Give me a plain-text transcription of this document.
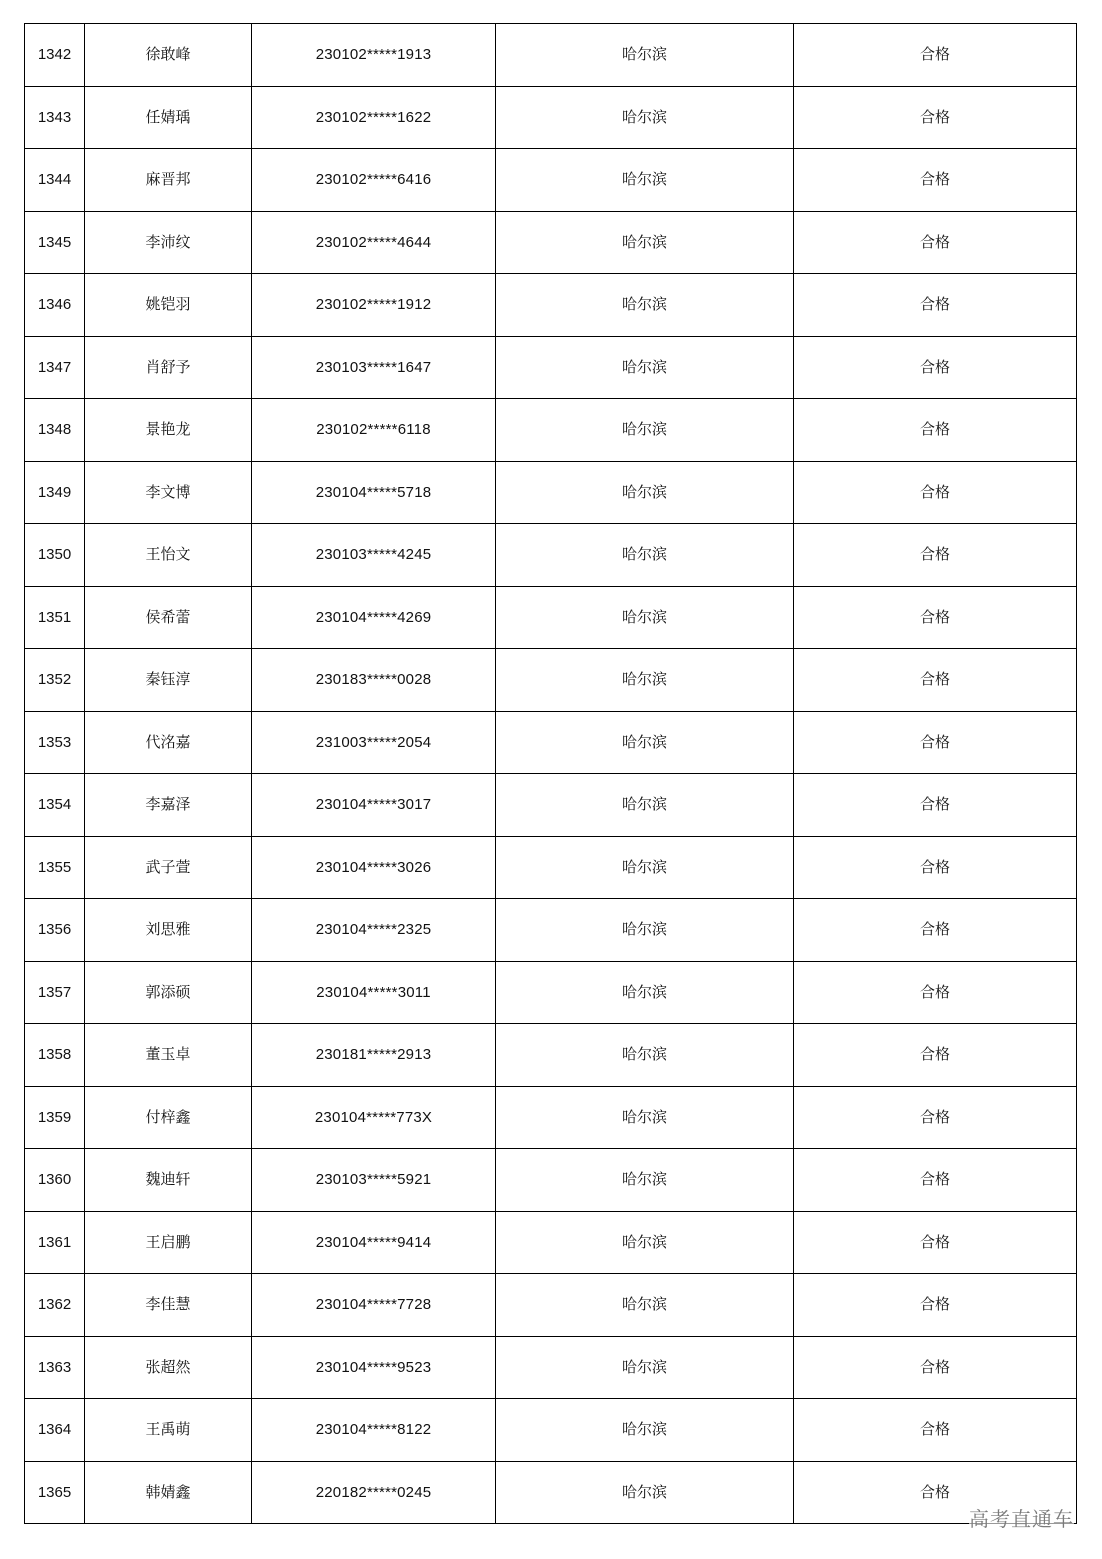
1342	徐敢峰	230102*****1913	哈尔滨	合格
1343	任婧瑀	230102*****1622	哈尔滨	合格
1344	麻晋邦	230102*****6416	哈尔滨	合格
1345	李沛纹	230102*****4644	哈尔滨	合格
1346	姚铠羽	230102*****1912	哈尔滨	合格
1347	肖舒予	230103*****1647	哈尔滨	合格
1348	景艳龙	230102*****6118	哈尔滨	合格
1349	李文博	230104*****5718	哈尔滨	合格
1350	王怡文	230103*****4245	哈尔滨	合格
1351	侯希蕾	230104*****4269	哈尔滨	合格
1352	秦钰淳	230183*****0028	哈尔滨	合格
1353	代洺嘉	231003*****2054	哈尔滨	合格
1354	李嘉泽	230104*****3017	哈尔滨	合格
1355	武子萱	230104*****3026	哈尔滨	合格
1356	刘思雅	230104*****2325	哈尔滨	合格
1357	郭添硕	230104*****3011	哈尔滨	合格
1358	董玉卓	230181*****2913	哈尔滨	合格
1359	付梓鑫	230104*****773X	哈尔滨	合格
1360	魏迪轩	230103*****5921	哈尔滨	合格
1361	王启鹏	230104*****9414	哈尔滨	合格
1362	李佳慧	230104*****7728	哈尔滨	合格
1363	张超然	230104*****9523	哈尔滨	合格
1364	王禹萌	230104*****8122	哈尔滨	合格
1365	韩婧鑫	220182*****0245	哈尔滨	合格
高考直通车
